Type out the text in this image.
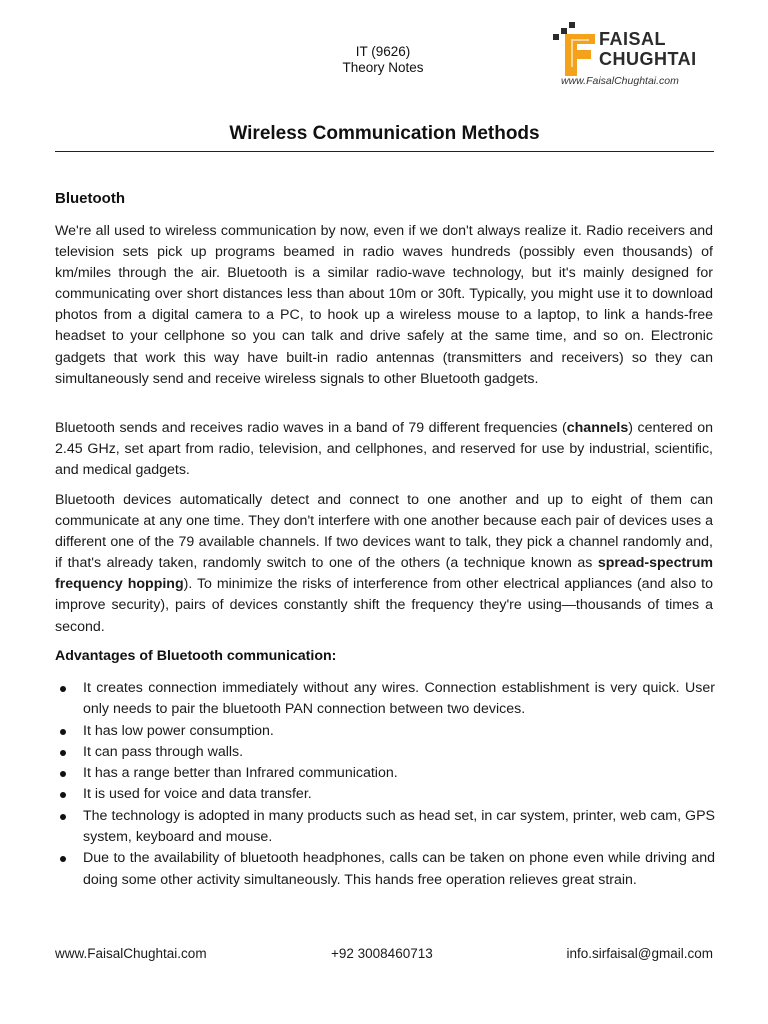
IT (9626)
Theory Notes
FAISAL
CHUGHTAI
www.FaisalChughtai.com
Wireless Communication Methods
Bluetooth

We're all used to wireless communication by now, even if we don't always realize it. Radio receivers and television sets pick up programs beamed in radio waves hundreds (possibly even thousands) of km/miles through the air. Bluetooth is a similar radio-wave technology, but it's mainly designed for communicating over short distances less than about 10m or 30ft. Typically, you might use it to download photos from a digital camera to a PC, to hook up a wireless mouse to a laptop, to link a hands-free headset to your cellphone so you can talk and drive safely at the same time, and so on. Electronic gadgets that work this way have built-in radio antennas (transmitters and receivers) so they can simultaneously send and receive wireless signals to other Bluetooth gadgets.

Bluetooth sends and receives radio waves in a band of 79 different frequencies (channels) centered on 2.45 GHz, set apart from radio, television, and cellphones, and reserved for use by industrial, scientific, and medical gadgets.

Bluetooth devices automatically detect and connect to one another and up to eight of them can communicate at any one time. They don't interfere with one another because each pair of devices uses a different one of the 79 available channels. If two devices want to talk, they pick a channel randomly and, if that's already taken, randomly switch to one of the others (a technique known as spread-spectrum frequency hopping). To minimize the risks of interference from other electrical appliances (and also to improve security), pairs of devices constantly shift the frequency they're using—thousands of times a second.

Advantages of Bluetooth communication:

It creates connection immediately without any wires. Connection establishment is very quick. User only needs to pair the bluetooth PAN connection between two devices.
It has low power consumption.
It can pass through walls.
It has a range better than Infrared communication.
It is used for voice and data transfer.
The technology is adopted in many products such as head set, in car system, printer, web cam, GPS system, keyboard and mouse.
Due to the availability of bluetooth headphones, calls can be taken on phone even while driving and doing some other activity simultaneously. This hands free operation relieves great strain.
www.FaisalChughtai.com	+92 3008460713	info.sirfaisal@gmail.com
